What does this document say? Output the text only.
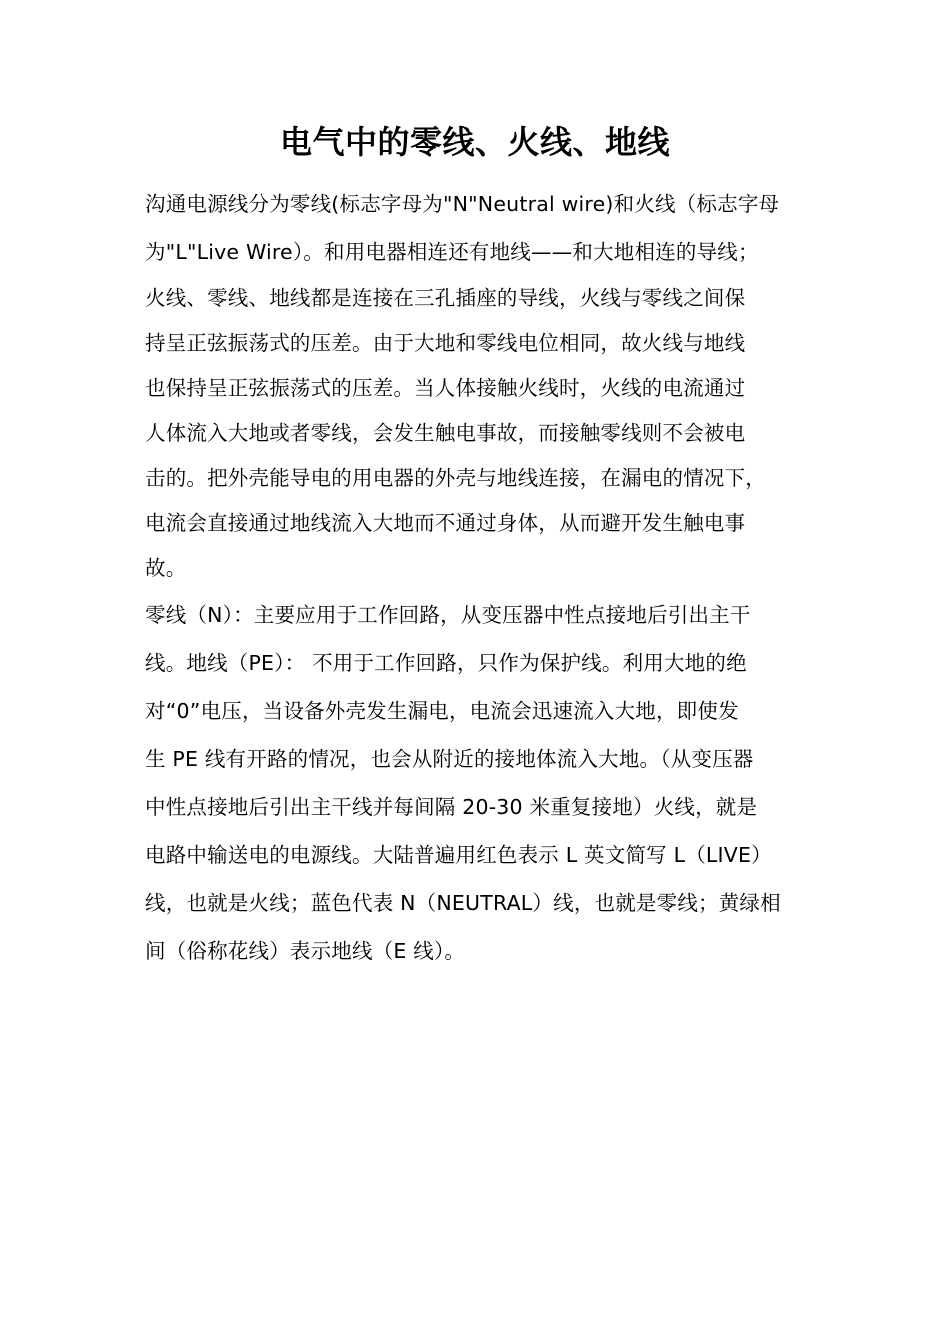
电气中的零线、火线、地线
沟通电源线分为零线(标志字母为"N"Neutral wire)和火线（标志字母
为"L"Live Wire）。和用电器相连还有地线——和大地相连的导线；
火线、零线、地线都是连接在三孔插座的导线，火线与零线之间保
持呈正弦振荡式的压差。由于大地和零线电位相同，故火线与地线
也保持呈正弦振荡式的压差。当人体接触火线时，火线的电流通过
人体流入大地或者零线，会发生触电事故，而接触零线则不会被电
击的。把外壳能导电的用电器的外壳与地线连接，在漏电的情况下，
电流会直接通过地线流入大地而不通过身体，从而避开发生触电事
故。
零线（N）：主要应用于工作回路，从变压器中性点接地后引出主干
线。地线（PE）： 不用于工作回路，只作为保护线。利用大地的绝
对“0”电压，当设备外壳发生漏电，电流会迅速流入大地，即使发
生 PE 线有开路的情况，也会从附近的接地体流入大地。（从变压器
中性点接地后引出主干线并每间隔 20-30 米重复接地）火线，就是
电路中输送电的电源线。大陆普遍用红色表示 L 英文简写 L（LIVE）
线，也就是火线；蓝色代表 N（NEUTRAL）线，也就是零线；黄绿相
间（俗称花线）表示地线（E 线）。
